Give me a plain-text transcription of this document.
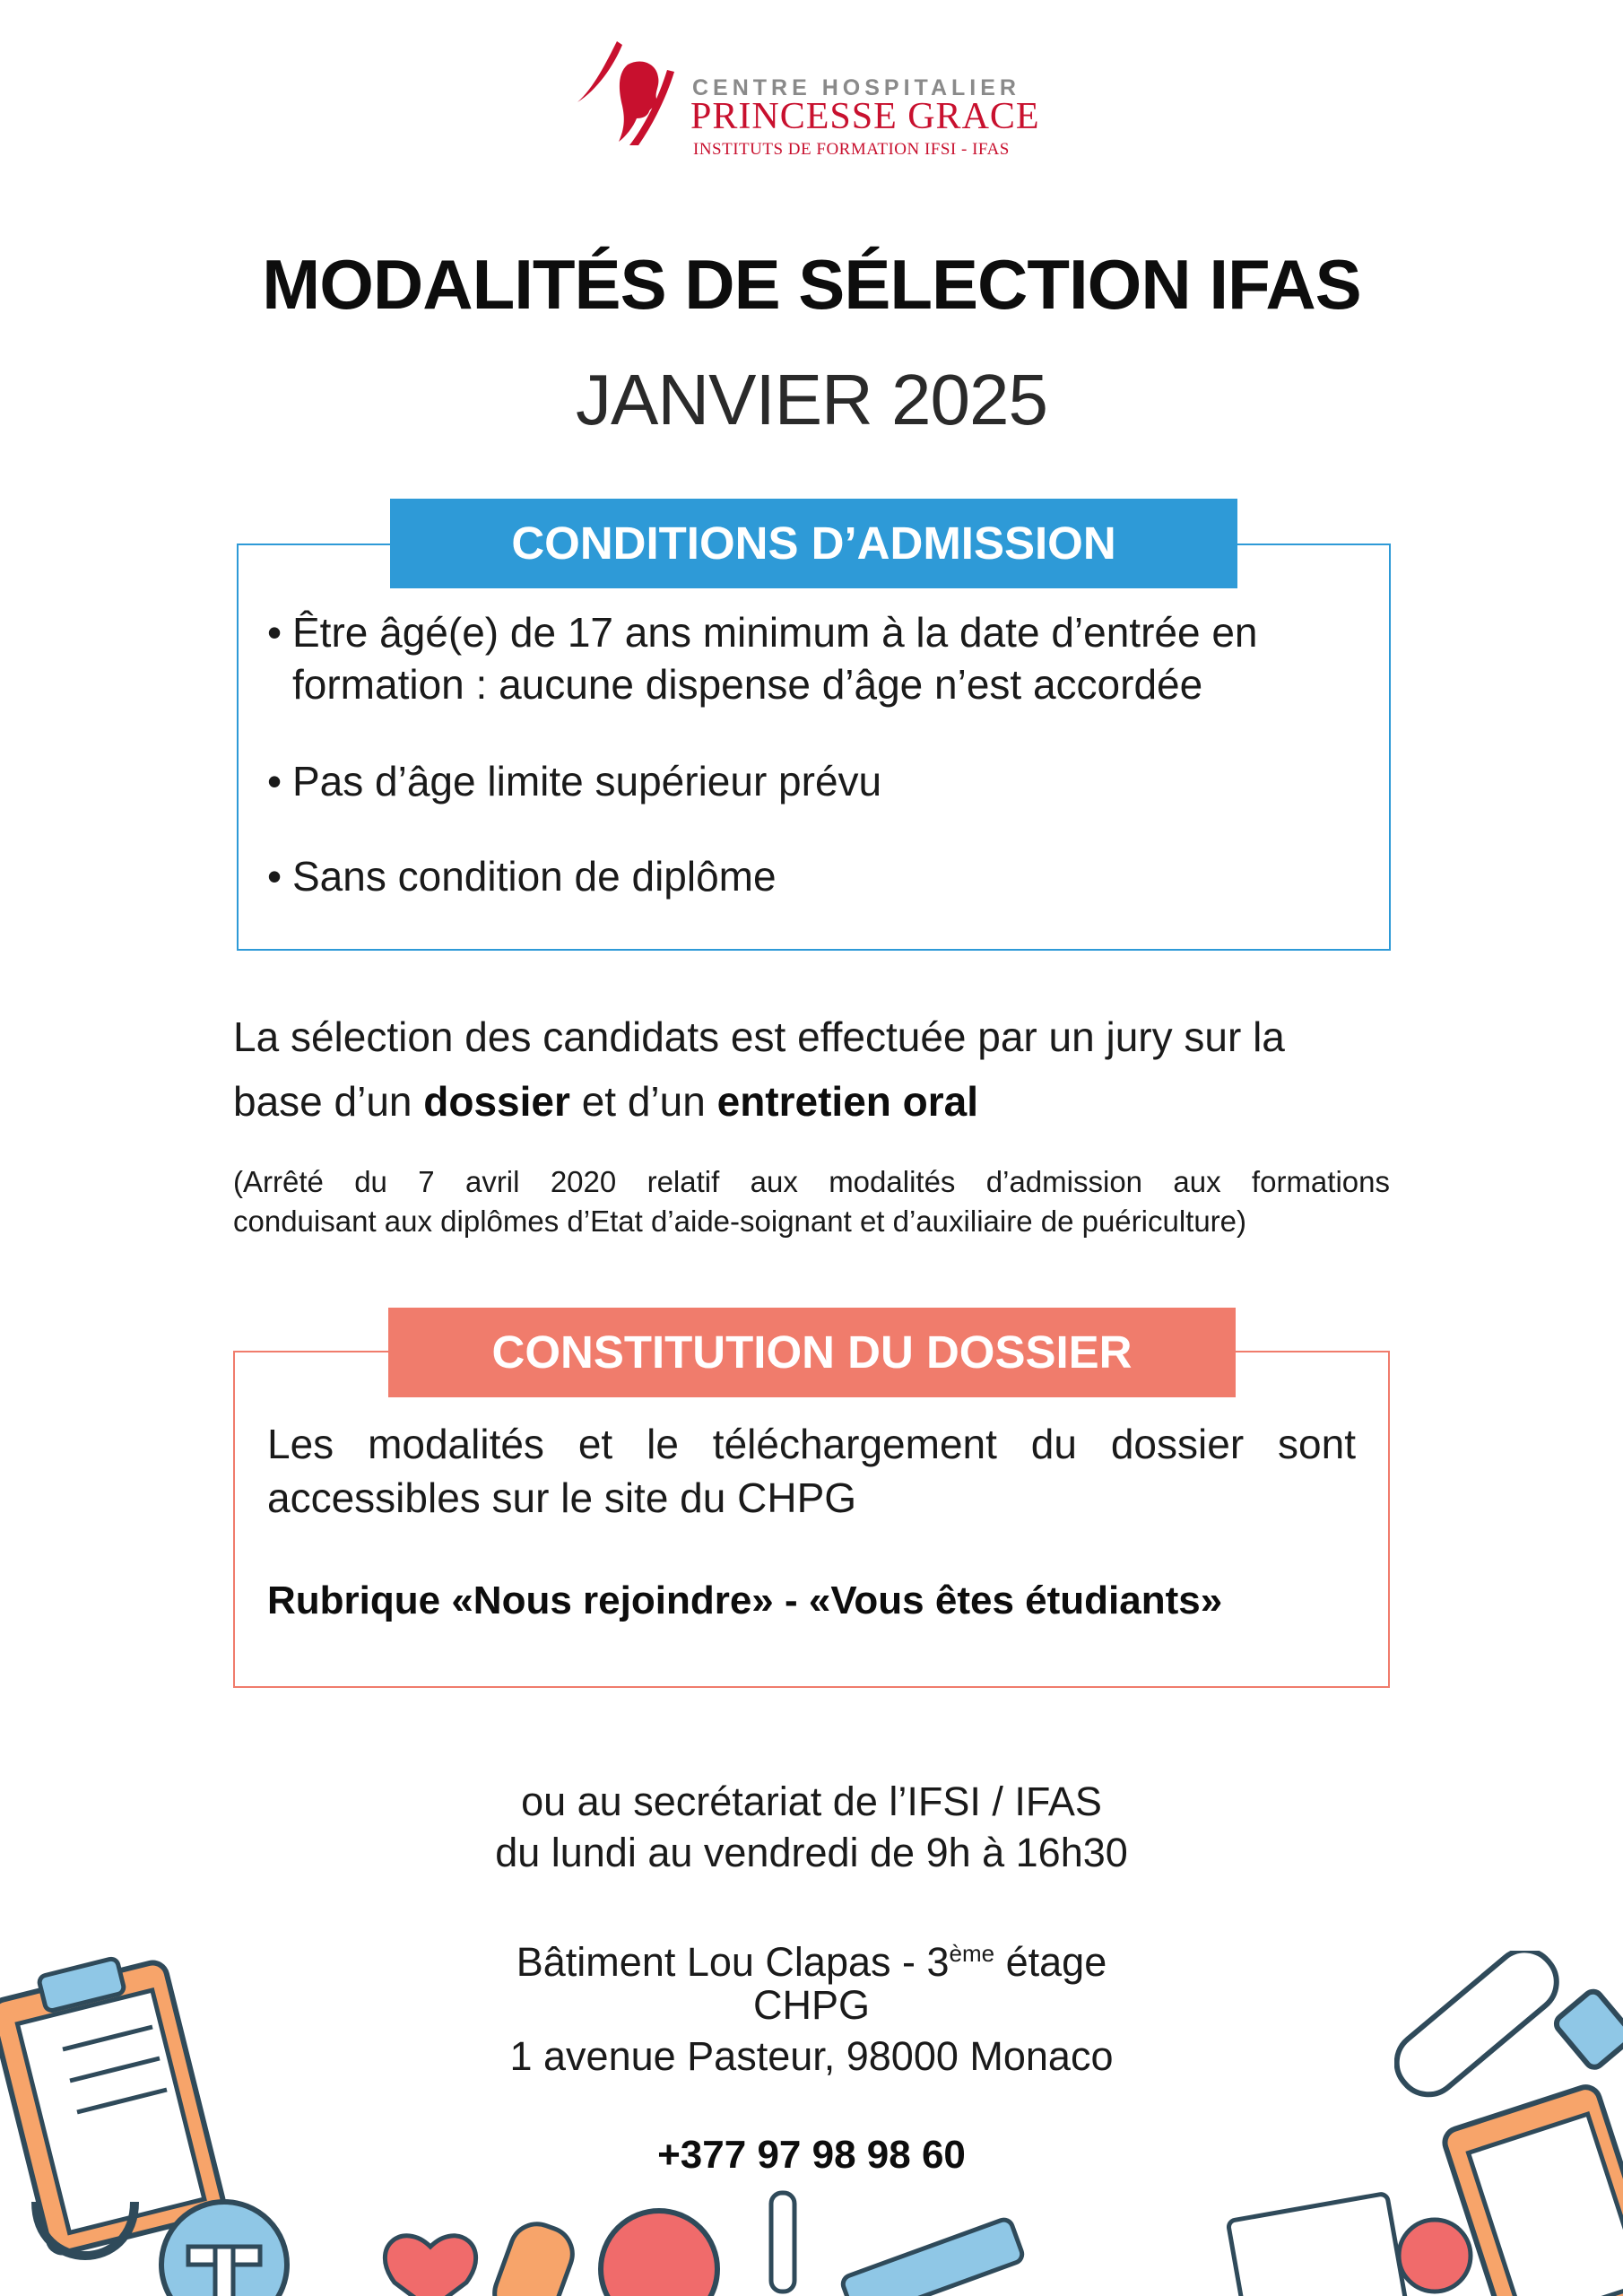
CENTRE HOSPITALIER
PRINCESSE GRACE
INSTITUTS DE FORMATION IFSI - IFAS
MODALITÉS DE SÉLECTION IFAS
JANVIER 2025
CONDITIONS D’ADMISSION
• Être âgé(e) de 17 ans minimum à la date d’entrée en
formation : aucune dispense d’âge n’est accordée
• Pas d’âge limite supérieur prévu
• Sans condition de diplôme
La sélection des candidats est effectuée par un jury sur la
base d’un dossier et d’un entretien oral
(Arrêté du 7 avril 2020 relatif aux modalités d’admission aux formations
conduisant aux diplômes d’Etat d’aide-soignant et d’auxiliaire de puériculture)
CONSTITUTION DU DOSSIER
Les modalités et le téléchargement du dossier sont accessibles sur le site du CHPG
Rubrique «Nous rejoindre» - «Vous êtes étudiants»
ou au secrétariat de l’IFSI / IFAS
du lundi au vendredi de 9h à 16h30
Bâtiment Lou Clapas - 3ème étage
CHPG
1 avenue Pasteur, 98000 Monaco
+377 97 98 98 60
